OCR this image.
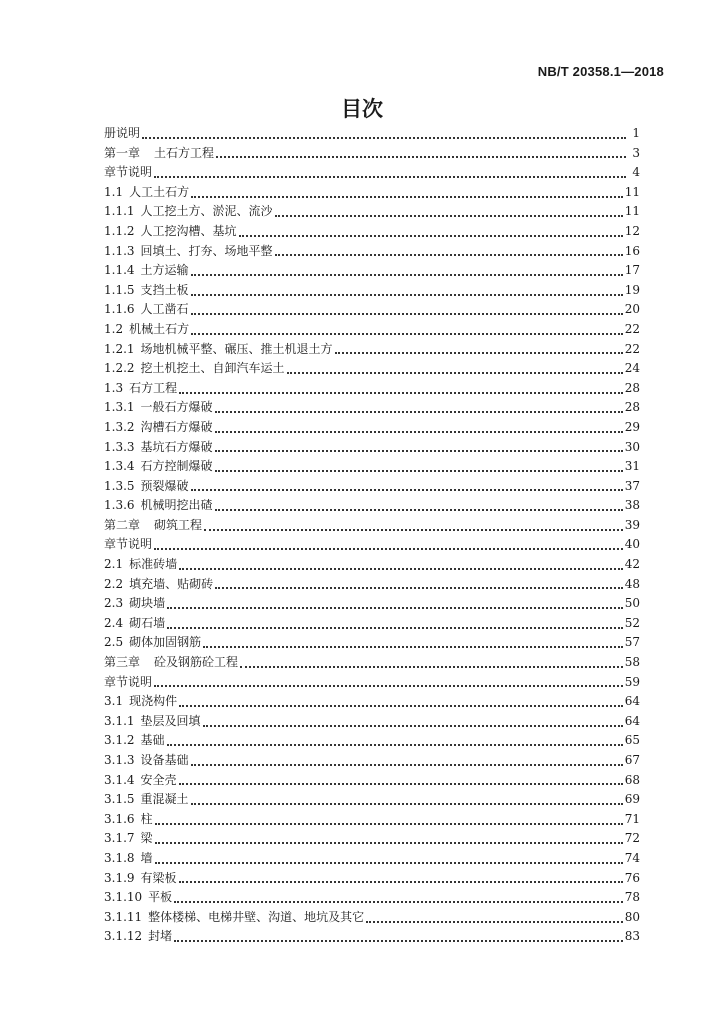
NB/T 20358.1—2018
目次
册说明	1
第一章 土石方工程	3
章节说明	4
1.1 人工土石方	11
1.1.1 人工挖土方、淤泥、流沙	11
1.1.2 人工挖沟槽、基坑	12
1.1.3 回填土、打夯、场地平整	16
1.1.4 土方运输	17
1.1.5 支挡土板	19
1.1.6 人工凿石	20
1.2 机械土石方	22
1.2.1 场地机械平整、碾压、推土机退土方	22
1.2.2 挖土机挖土、自卸汽车运土	24
1.3 石方工程	28
1.3.1 一般石方爆破	28
1.3.2 沟槽石方爆破	29
1.3.3 基坑石方爆破	30
1.3.4 石方控制爆破	31
1.3.5 预裂爆破	37
1.3.6 机械明挖出碴	38
第二章 砌筑工程	39
章节说明	40
2.1 标准砖墙	42
2.2 填充墙、贴砌砖	48
2.3 砌块墙	50
2.4 砌石墙	52
2.5 砌体加固钢筋	57
第三章 砼及钢筋砼工程	58
章节说明	59
3.1 现浇构件	64
3.1.1 垫层及回填	64
3.1.2 基础	65
3.1.3 设备基础	67
3.1.4 安全壳	68
3.1.5 重混凝土	69
3.1.6 柱	71
3.1.7 梁	72
3.1.8 墙	74
3.1.9 有梁板	76
3.1.10 平板	78
3.1.11 整体楼梯、电梯井壁、沟道、地坑及其它	80
3.1.12 封堵	83
